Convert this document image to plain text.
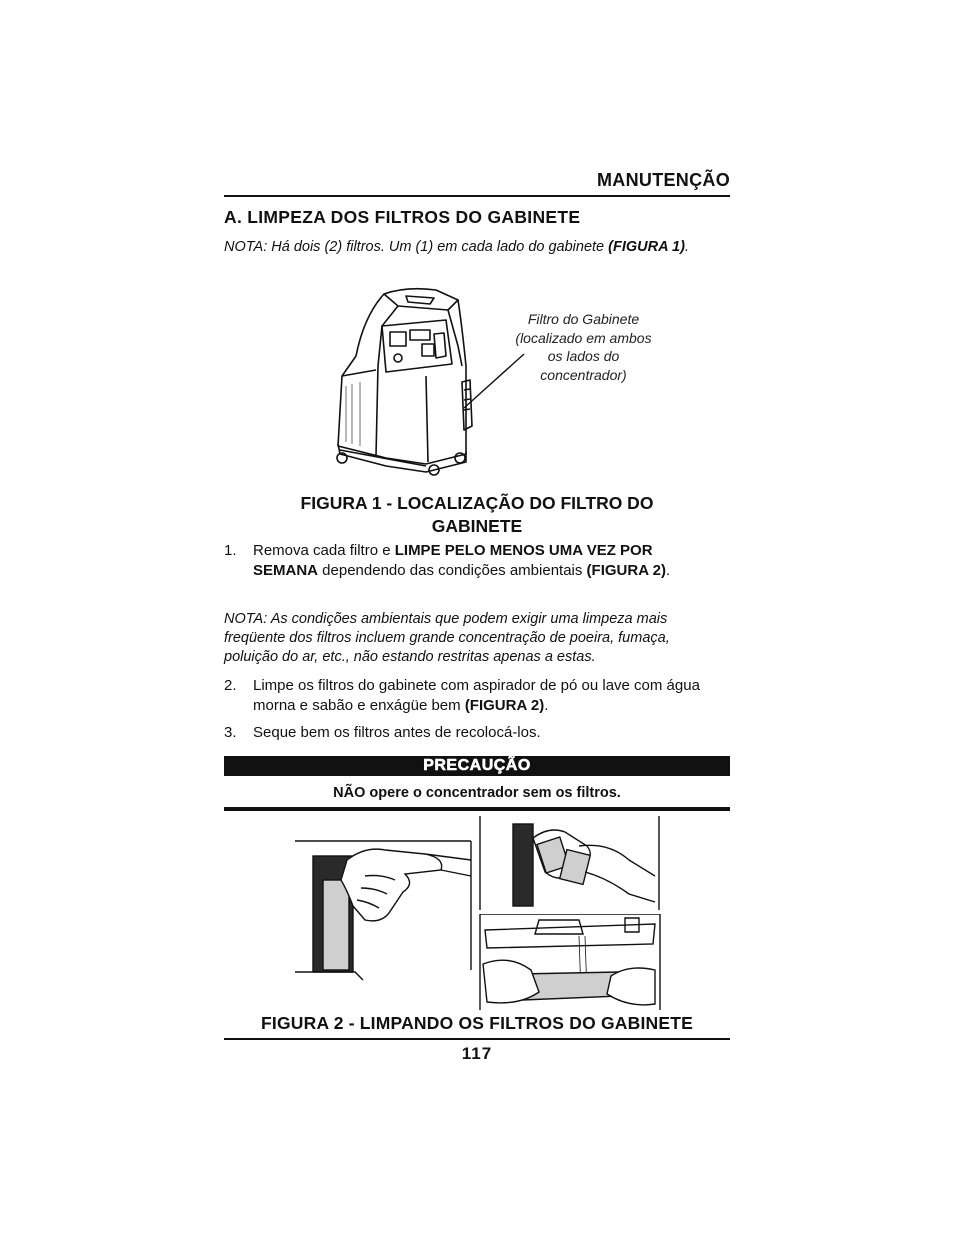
MANUTENÇÃO
A. LIMPEZA DOS FILTROS DO GABINETE
NOTA: Há dois (2) filtros. Um (1) em cada lado do gabinete (FIGURA 1).
Filtro do Gabinete
(localizado em ambos
os lados do
concentrador)
FIGURA 1 - LOCALIZAÇÃO DO FILTRO DO
GABINETE
1. Remova cada filtro e LIMPE PELO MENOS UMA VEZ POR SEMANA dependendo das condições ambientais (FIGURA 2).
NOTA: As condições ambientais que podem exigir uma limpeza mais
freqüente dos filtros incluem grande concentração de poeira, fumaça,
poluição do ar, etc., não estando restritas apenas a estas.
2. Limpe os filtros do gabinete com aspirador de pó ou lave com água morna e sabão e enxágüe bem (FIGURA 2).
3. Seque bem os filtros antes de recolocá-los.
PRECAUÇÃO
NÃO opere o concentrador sem os filtros.
FIGURA 2 - LIMPANDO OS FILTROS DO GABINETE
117
